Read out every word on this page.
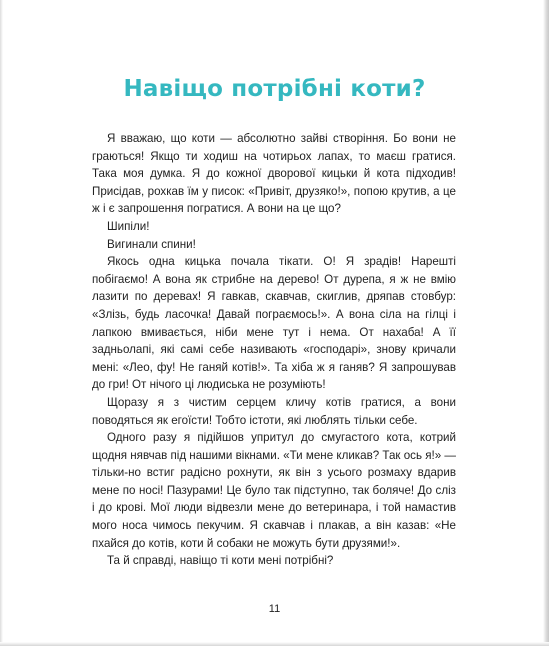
Навіщо потрібні коти?

Я вважаю, що коти — абсолютно зайві створіння. Бо вони не граються! Якщо ти ходиш на чотирьох лапах, то маєш гратися. Така моя думка. Я до кожної дворової кицьки й кота підходив! Присідав, рохкав їм у писок: «Привіт, друзяко!», попою крутив, а це ж і є запрошення погратися. А вони на це що?

Шипіли!

Вигинали спини!

Якось одна кицька почала тікати. О! Я зрадів! Нарешті побігаємо! А вона як стрибне на дерево! От дурепа, я ж не вмію лазити по деревах! Я гавкав, скавчав, скиглив, дряпав стовбур: «Злізь, будь ласочка! Давай пограємось!». А вона сіла на гілці і лапкою вмивається, ніби мене тут і нема. От нахаба! А її задньолапі, які самі себе називають «господарі», знову кричали мені: «Лео, фу! Не ганяй котів!». Та хіба ж я ганяв? Я запрошував до гри! От нічого ці людиська не розуміють!

Щоразу я з чистим серцем кличу котів гратися, а вони поводяться як егоїсти! Тобто істоти, які люблять тільки себе.

Одного разу я підійшов упритул до смугастого кота, котрий щодня нявчав під нашими вікнами. «Ти мене кликав? Так ось я!» — тільки-но встиг радісно рохнути, як він з усього розмаху вдарив мене по носі! Пазурами! Це було так підступно, так боляче! До сліз і до крові. Мої люди відвезли мене до ветеринара, і той намастив мого носа чимось пекучим. Я скавчав і плакав, а він казав: «Не пхайся до котів, коти й собаки не можуть бути друзями!».

Та й справді, навіщо ті коти мені потрібні?

11
